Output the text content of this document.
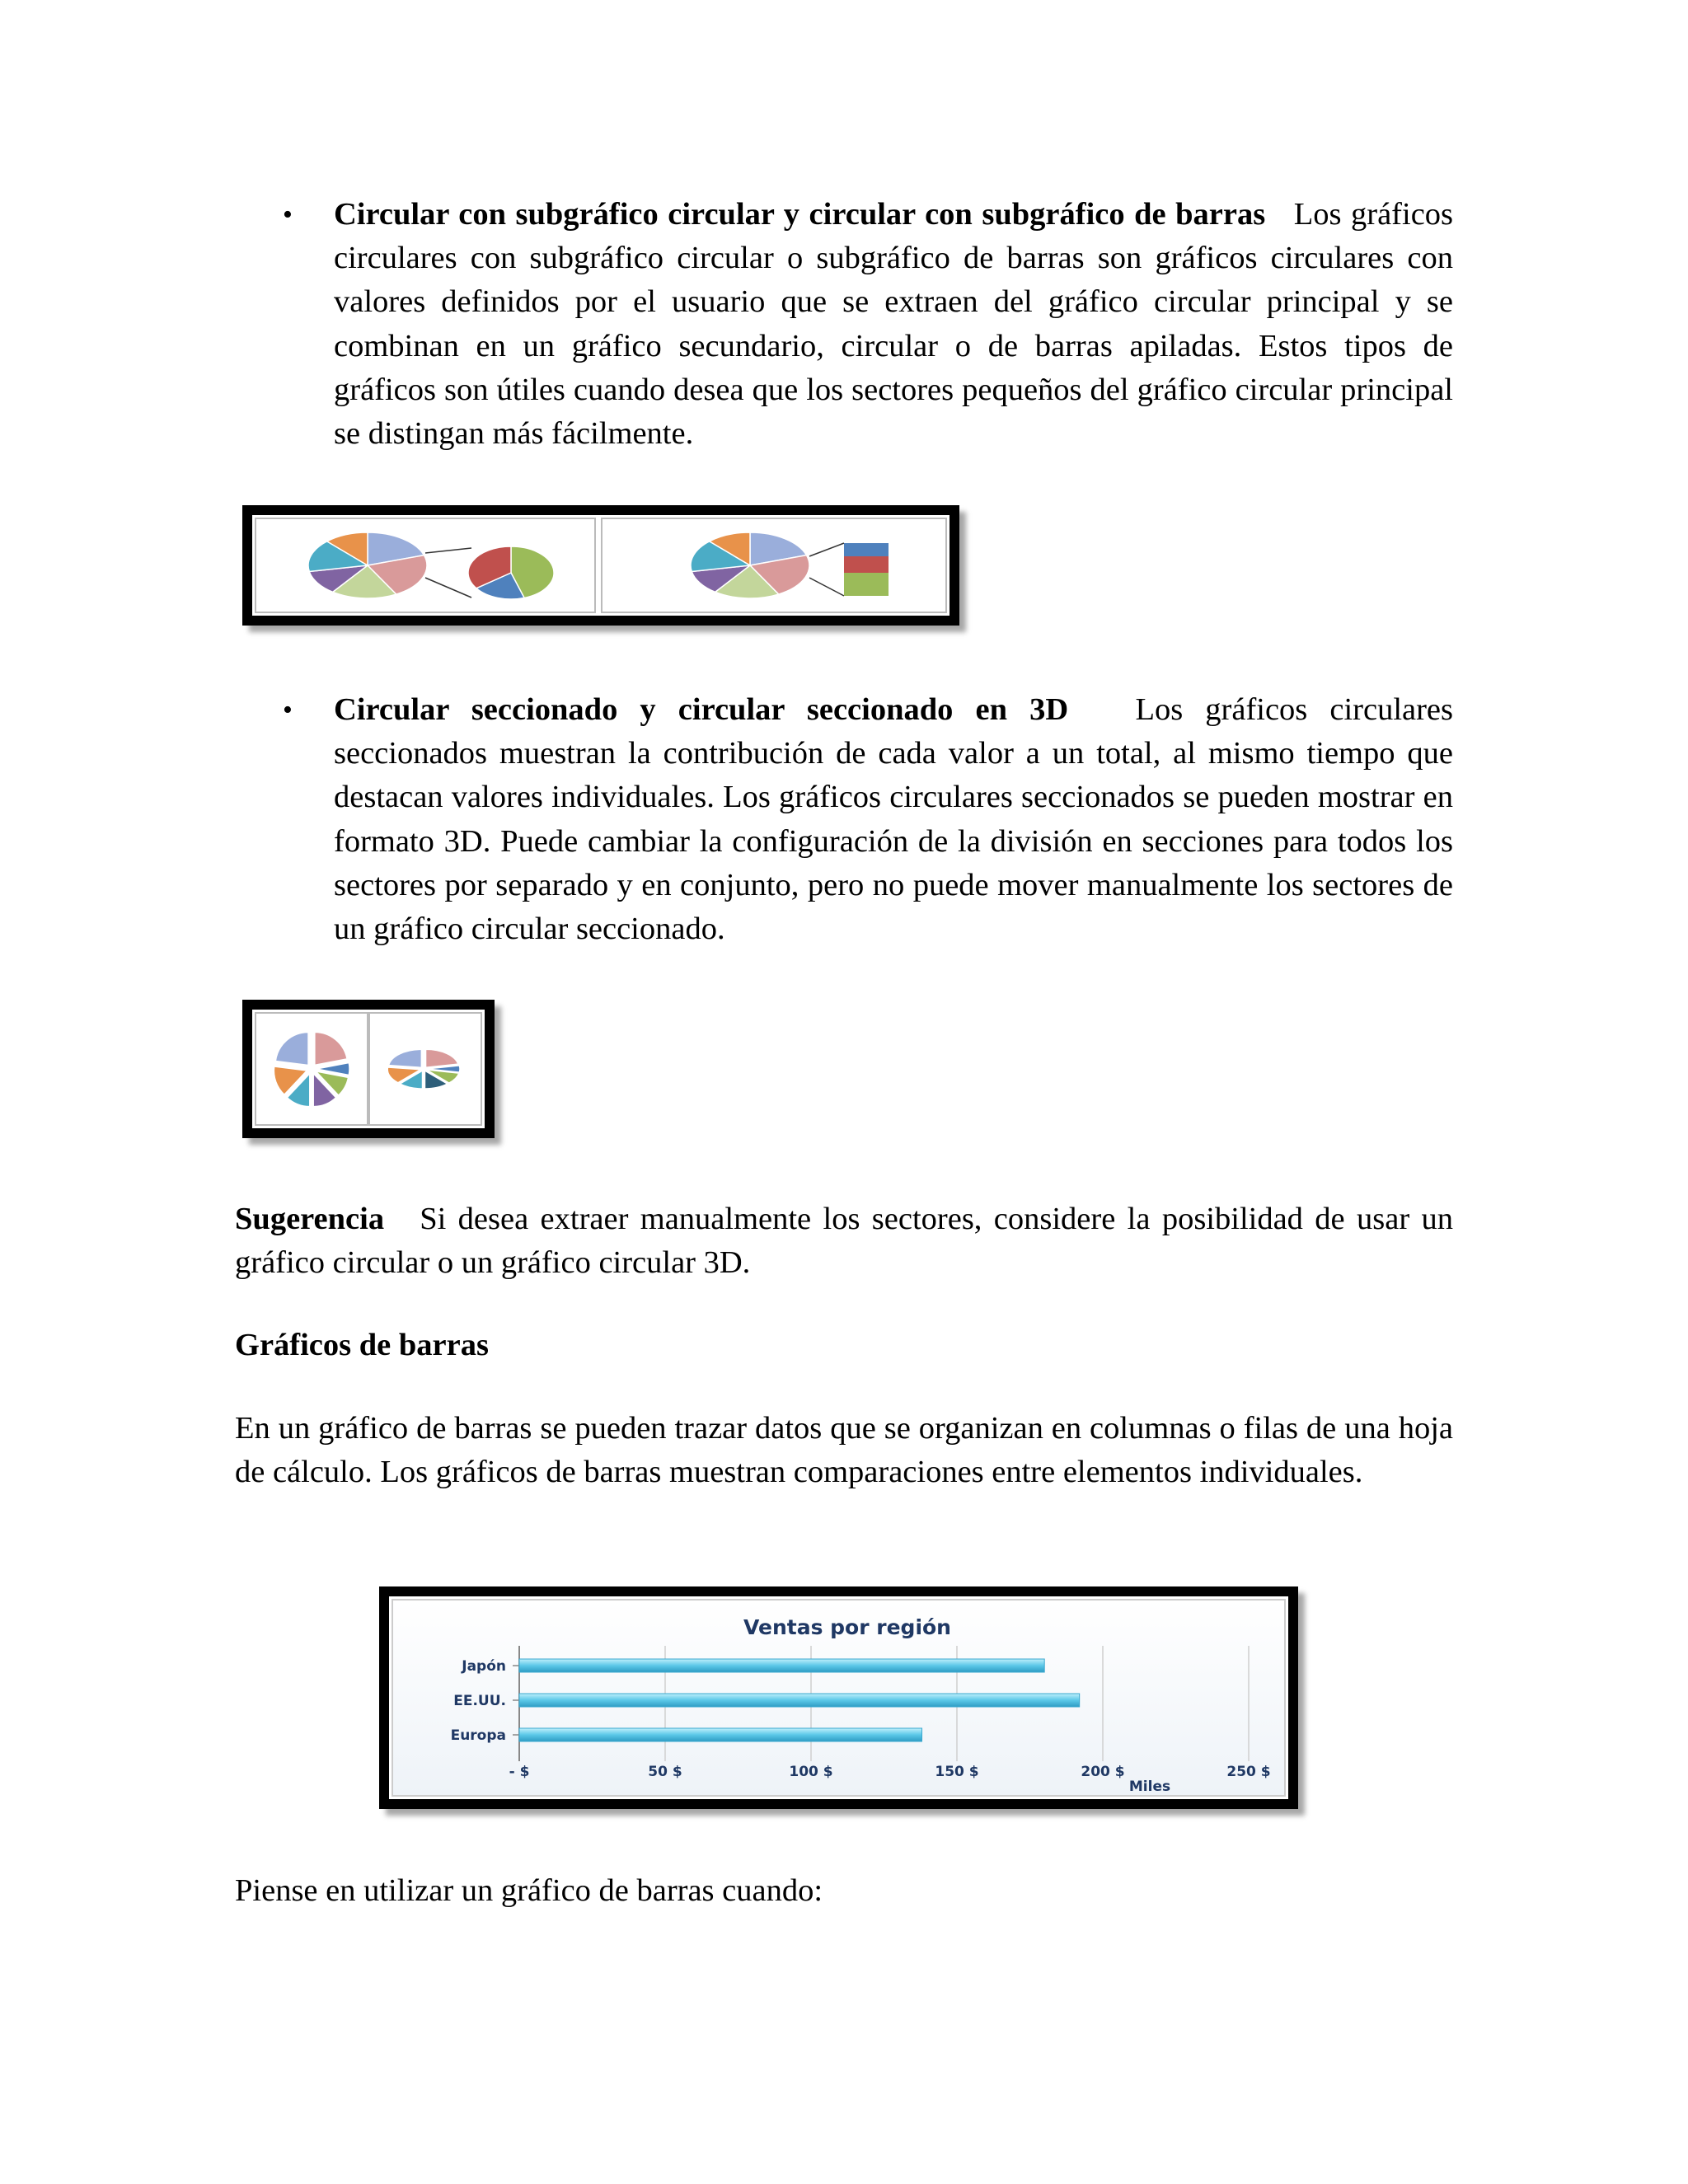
• Circular con subgráfico circular y circular con subgráfico de barras Los gráficos circulares con subgráfico circular o subgráfico de barras son gráficos circulares con valores definidos por el usuario que se extraen del gráfico circular principal y se combinan en un gráfico secundario, circular o de barras apiladas. Estos tipos de gráficos son útiles cuando desea que los sectores pequeños del gráfico circular principal se distingan más fácilmente.

• Circular seccionado y circular seccionado en 3D Los gráficos circulares seccionados muestran la contribución de cada valor a un total, al mismo tiempo que destacan valores individuales. Los gráficos circulares seccionados se pueden mostrar en formato 3D. Puede cambiar la configuración de la división en secciones para todos los sectores por separado y en conjunto, pero no puede mover manualmente los sectores de un gráfico circular seccionado.

Sugerencia Si desea extraer manualmente los sectores, considere la posibilidad de usar un gráfico circular o un gráfico circular 3D.

Gráficos de barras

En un gráfico de barras se pueden trazar datos que se organizan en columnas o filas de una hoja de cálculo. Los gráficos de barras muestran comparaciones entre elementos individuales.

Ventas por región
Japón
EE.UU.
Europa
- $	50 $	100 $	150 $	200 $	250 $
Miles

Piense en utilizar un gráfico de barras cuando:
